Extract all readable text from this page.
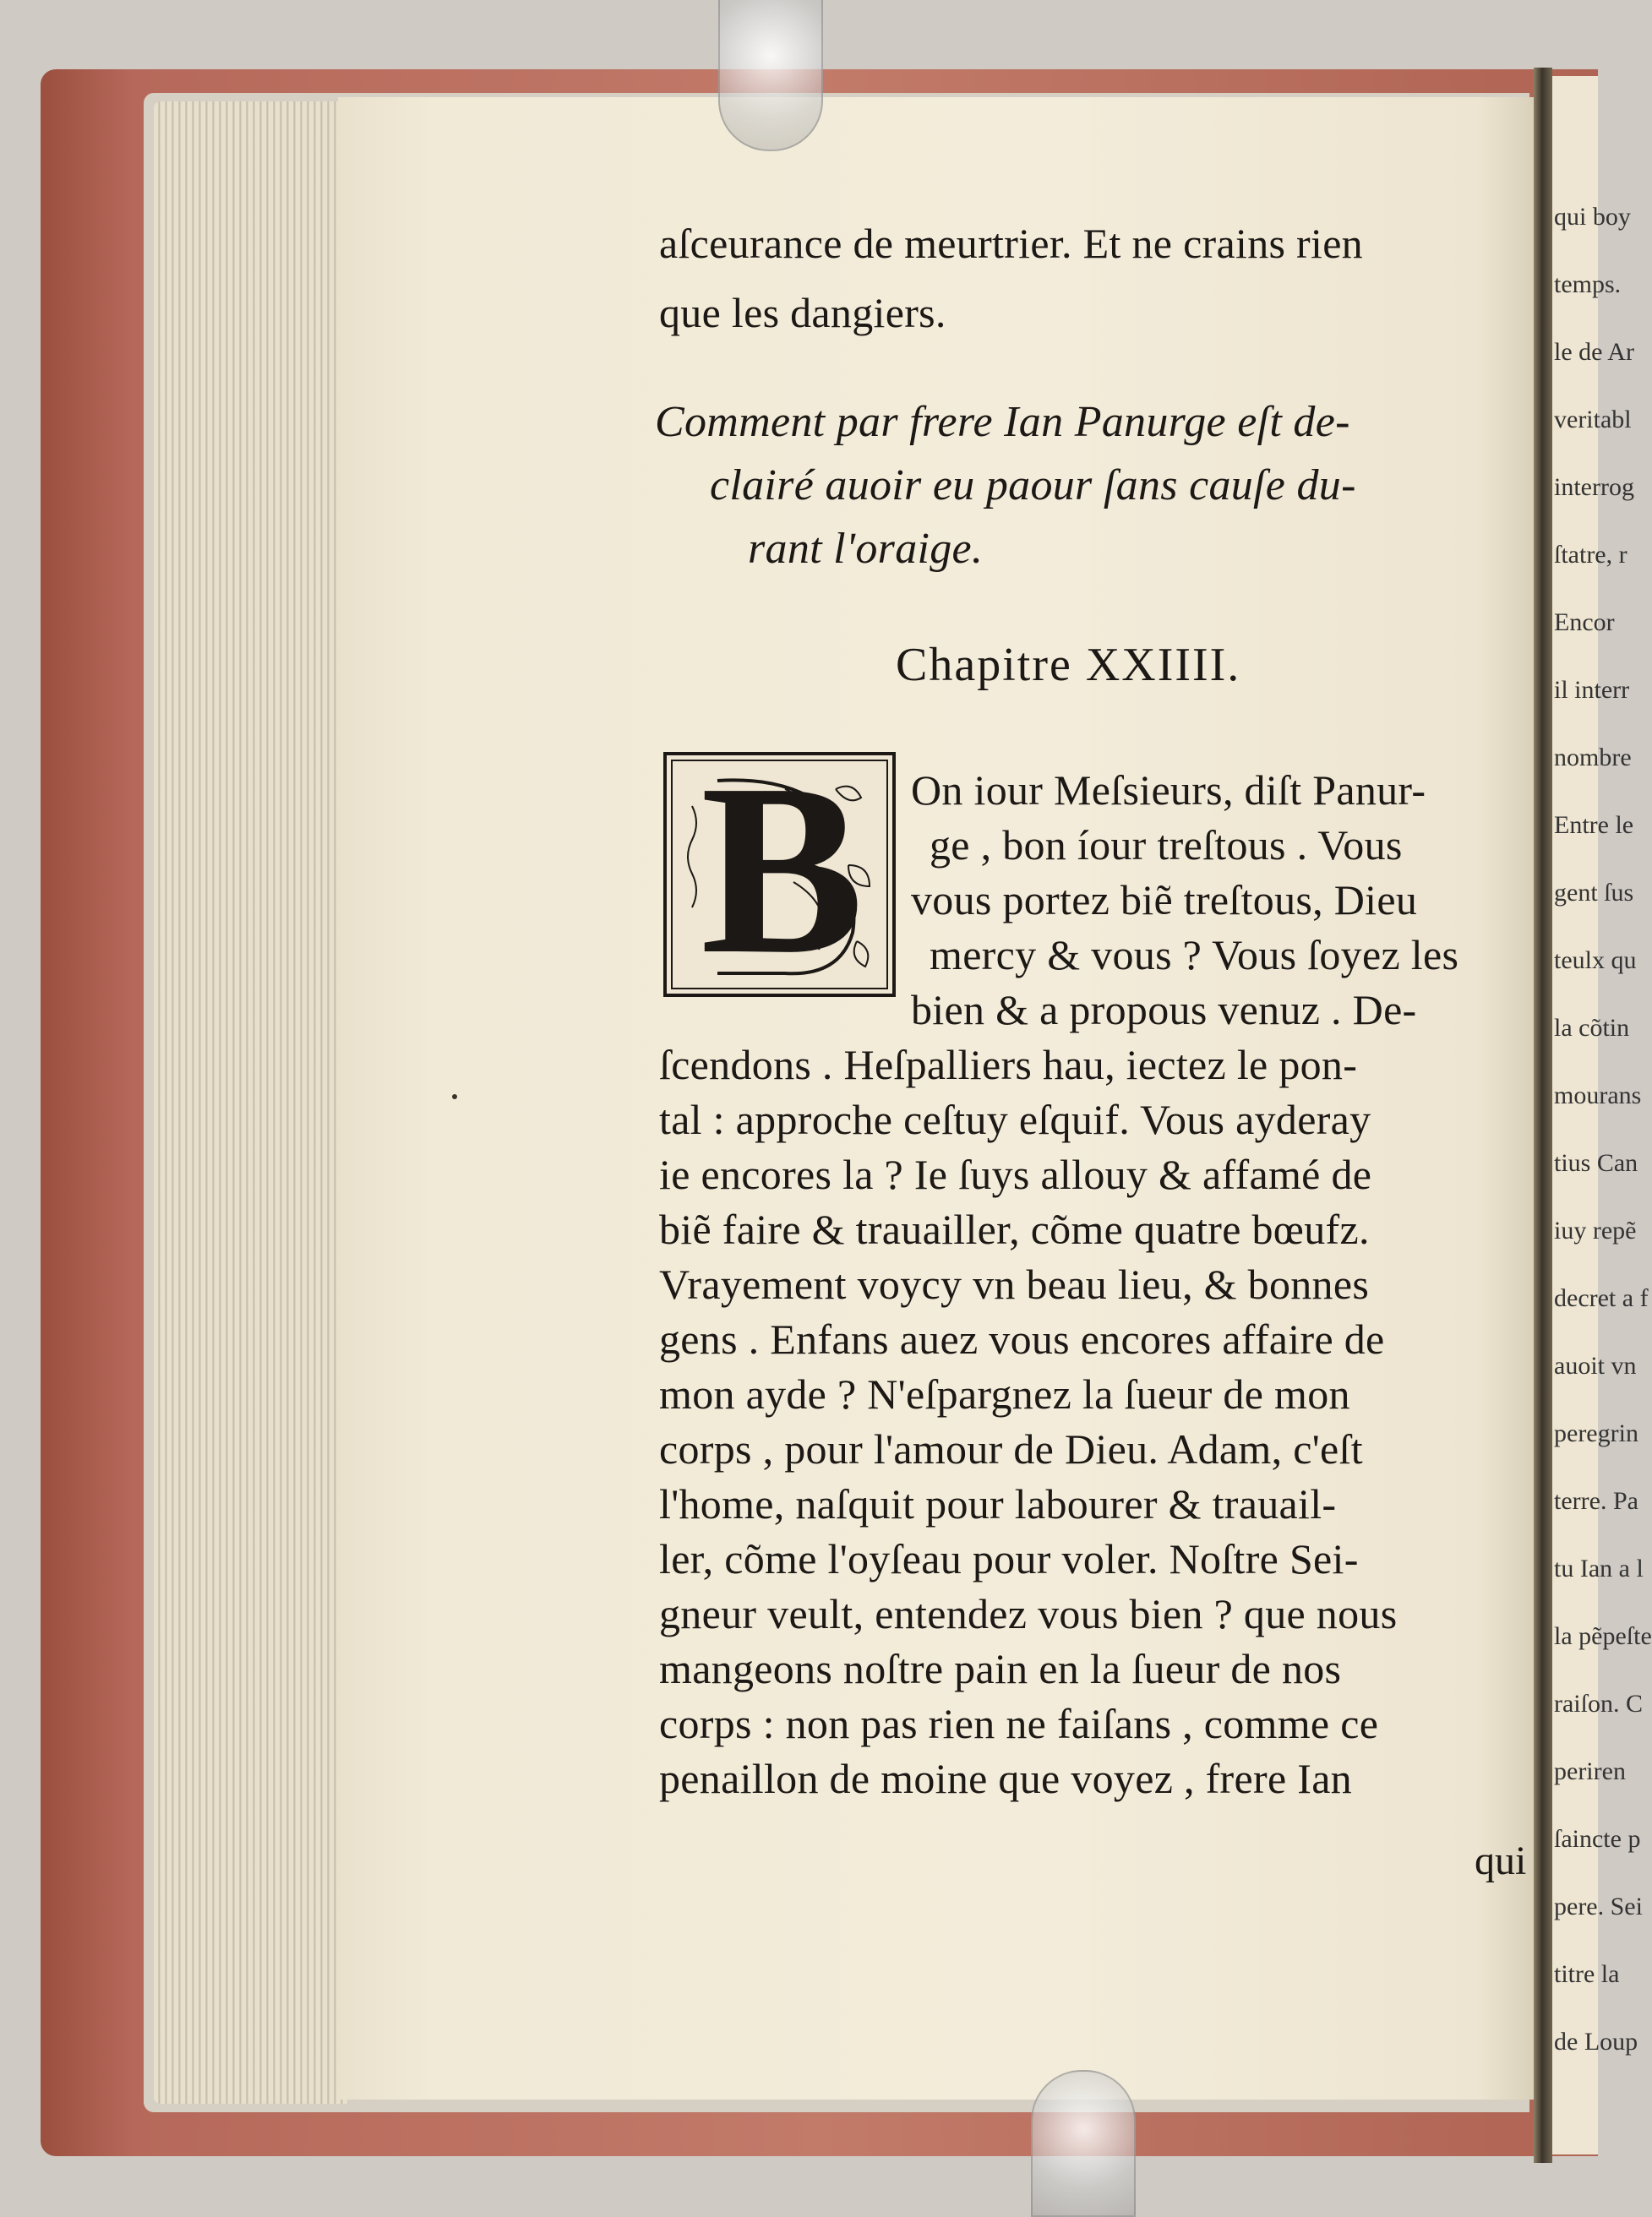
qui boy
temps.
le de Ar
veritabl
interrog
ſtatre, r
Encor
il interr
nombre
Entre le
gent ſus
teulx qu
la cõtin
mourans
tius Can
iuy repẽ
decret a f
auoit vn
peregrin
terre. Pa
tu Ian a l
la pẽpeſte
raiſon. C
periren
ſaincte p
pere. Sei
titre la
de Loup
aſceurance de meurtrier. Et ne crains rien
que les dangiers.
Comment par frere Ian Panurge eſt de-
clairé auoir eu paour ſans cauſe du-
rant l'oraige.
Chapitre XXIIII.
B On iour Meſsieurs, diſt Panur-
ge , bon íour treſtous . Vous
vous portez biẽ treſtous, Dieu
mercy & vous ? Vous ſoyez les
bien & a propous venuz . De-
ſcendons . Heſpalliers hau, iectez le pon-
tal : approche ceſtuy eſquif. Vous ayderay
ie encores la ? Ie ſuys allouy & affamé de
biẽ faire & trauailler, cõme quatre bœufz.
Vrayement voycy vn beau lieu, & bonnes
gens . Enfans auez vous encores affaire de
mon ayde ? N'eſpargnez la ſueur de mon
corps , pour l'amour de Dieu. Adam, c'eſt
l'home, naſquit pour labourer & trauail-
ler, cõme l'oyſeau pour voler. Noſtre Sei-
gneur veult, entendez vous bien ? que nous
mangeons noſtre pain en la ſueur de nos
corps : non pas rien ne faiſans , comme ce
penaillon de moine que voyez , frere Ian
qui
